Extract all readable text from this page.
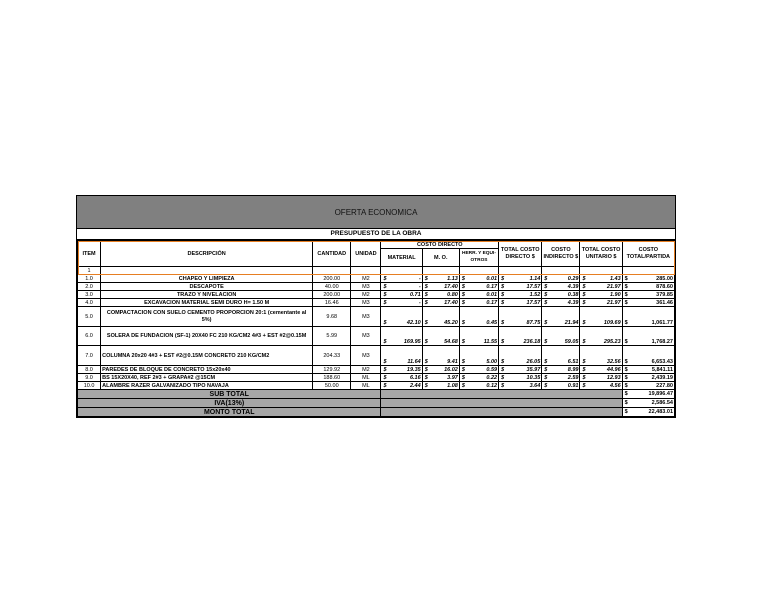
OFERTA ECONOMICA
PRESUPUESTO DE LA OBRA
ITEM	DESCRIPCIÓN	CANTIDAD	UNIDAD	COSTO DIRECTO			TOTAL COSTO DIRECTO $	COSTO INDIRECTO $	TOTAL COSTO UNITARIO $	COSTO TOTAL/PARTIDA
				MATERIAL	M. O.	HERR. Y EQUI-OTROS				
1										
1.0	CHAPEO Y LIMPIEZA	200.00	M2	$ -	$ 1.13	$ 0.01	$ 1.14	$ 0.29	$ 1.43	$ 285.00

2.0	DESCAPOTE	40.00	M3	$ -	$ 17.40	$ 0.17	$ 17.57	$ 4.39	$ 21.97	$ 878.60

3.0	TRAZO Y NIVELACION	200.00	M2	$ 0.71	$ 0.80	$ 0.01	$ 1.52	$ 0.38	$ 1.90	$ 379.85

4.0	EXCAVACION MATERIAL SEMI DURO H= 1.50 M	16.46	M3	$ -	$ 17.40	$ 0.17	$ 17.57	$ 4.39	$ 21.97	$ 361.46

5.0	COMPACTACION CON SUELO CEMENTO PROPORCION 20:1 (cementante al 5%)	9.68	M3	$ 42.10	$ 45.20	$ 0.45	$ 87.75	$ 21.94	$ 109.69	$ 1,061.77

6.0	SOLERA DE FUNDACION (SF-1) 20X40 FC 210 KG/CM2 4#3 + EST #2@0.15M	5.99	M3	$ 169.95	$ 54.68	$ 11.55	$ 236.18	$ 59.05	$ 295.23	$ 1,768.27

7.0	COLUMNA 20x20 4#3 + EST #2@0.15M CONCRETO 210 KG/CM2	204.33	M3	$ 11.64	$ 9.41	$ 5.00	$ 26.05	$ 6.51	$ 32.56	$ 6,653.43

8.0	PAREDES DE BLOQUE DE CONCRETO 15x20x40	129.92	M2	$ 19.35	$ 16.02	$ 0.59	$ 35.97	$ 8.99	$ 44.96	$ 5,841.11

9.0	BS 15X20X40, REF 2#3 + GRAPA#2 @15CM	188.60	ML	$ 6.16	$ 3.97	$ 0.22	$ 10.35	$ 2.59	$ 12.93	$ 2,439.19

10.0	ALAMBRE RAZER GALVANIZADO TIPO NAVAJA	50.00	ML	$ 2.44	$ 1.08	$ 0.12	$ 3.64	$ 0.91	$ 4.56	$ 227.80

SUB TOTAL										$ 19,896.47

IVA(13%)										$ 2,586.54

MONTO TOTAL										$ 22,483.01
